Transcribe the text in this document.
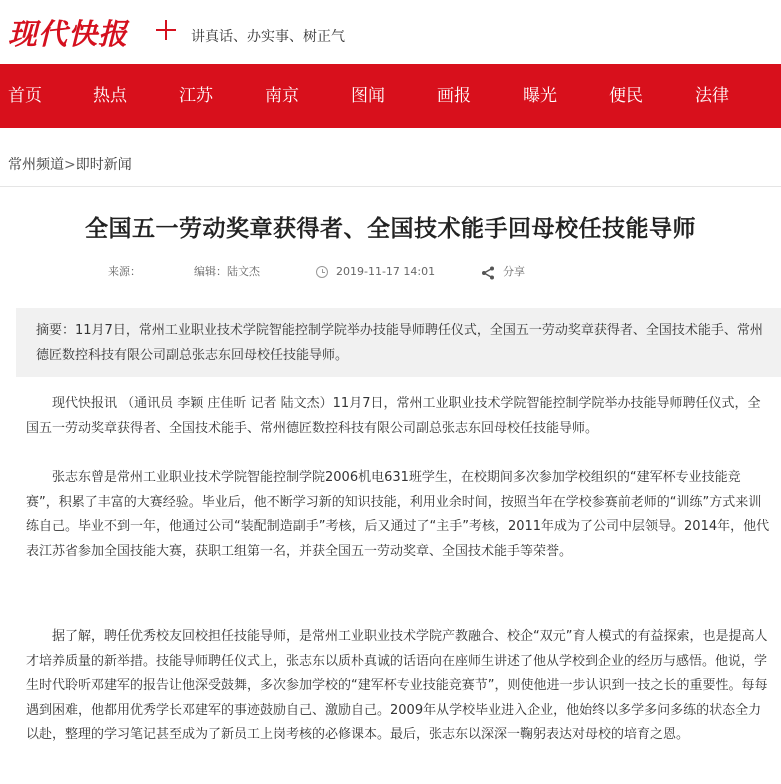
现代快报	讲真话、办实事、树正气
首页	热点	江苏	南京	图闻	画报	曝光	便民	法律
常州频道>即时新闻
全国五一劳动奖章获得者、全国技术能手回母校任技能导师
来源：	编辑：陆文杰	2019-11-17 14:01	分享
摘要：11月7日，常州工业职业技术学院智能控制学院举办技能导师聘任仪式，全国五一劳动奖章获得者、全国技术能手、常州德匠数控科技有限公司副总张志东回母校任技能导师。

现代快报讯 （通讯员 李颖 庄佳昕 记者 陆文杰）11月7日，常州工业职业技术学院智能控制学院举办技能导师聘任仪式，全国五一劳动奖章获得者、全国技术能手、常州德匠数控科技有限公司副总张志东回母校任技能导师。

张志东曾是常州工业职业技术学院智能控制学院2006机电631班学生，在校期间多次参加学校组织的“建军杯专业技能竞赛”，积累了丰富的大赛经验。毕业后，他不断学习新的知识技能，利用业余时间，按照当年在学校参赛前老师的“训练”方式来训练自己。毕业不到一年，他通过公司“装配制造副手”考核，后又通过了“主手”考核，2011年成为了公司中层领导。2014年，他代表江苏省参加全国技能大赛，获职工组第一名，并获全国五一劳动奖章、全国技术能手等荣誉。

据了解，聘任优秀校友回校担任技能导师，是常州工业职业技术学院产教融合、校企“双元”育人模式的有益探索，也是提高人才培养质量的新举措。技能导师聘任仪式上，张志东以质朴真诚的话语向在座师生讲述了他从学校到企业的经历与感悟。他说，学生时代聆听邓建军的报告让他深受鼓舞，多次参加学校的“建军杯专业技能竞赛节”，则使他进一步认识到一技之长的重要性。每每遇到困难，他都用优秀学长邓建军的事迹鼓励自己、激励自己。2009年从学校毕业进入企业，他始终以多学多问多练的状态全力以赴，整理的学习笔记甚至成为了新员工上岗考核的必修课本。最后，张志东以深深一鞠躬表达对母校的培育之恩。
